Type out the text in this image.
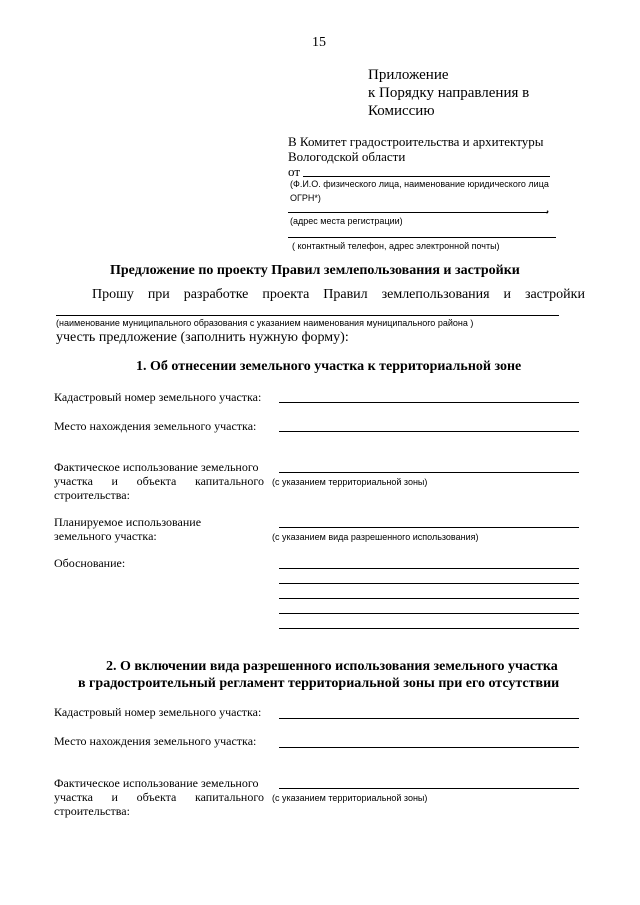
15
Приложение
к Порядку направления в
Комиссию
В Комитет градостроительства и архитектуры
Вологодской области
от
(Ф.И.О. физического лица, наименование юридического лица
ОГРН*)
,
(адрес места регистрации)
( контактный телефон, адрес электронной почты)
Предложение по проекту Правил землепользования и застройки
Прошу при разработке проекта Правил землепользования и застройки
(наименование муниципального образования с указанием наименования муниципального района )
учесть предложение (заполнить нужную форму):
1. Об отнесении земельного участка к территориальной зоне
Кадастровый номер земельного участка:
Место нахождения земельного участка:
Фактическое использование земельного
участка и объекта капитального
строительства:
(с указанием территориальной зоны)
Планируемое использование
земельного участка:	(с указанием вида разрешенного использования)
Обоснование:
2. О включении вида разрешенного использования земельного участка
в градостроительный регламент территориальной зоны при его отсутствии
Кадастровый номер земельного участка:
Место нахождения земельного участка:
Фактическое использование земельного
участка и объекта капитального
строительства:
(с указанием территориальной зоны)
